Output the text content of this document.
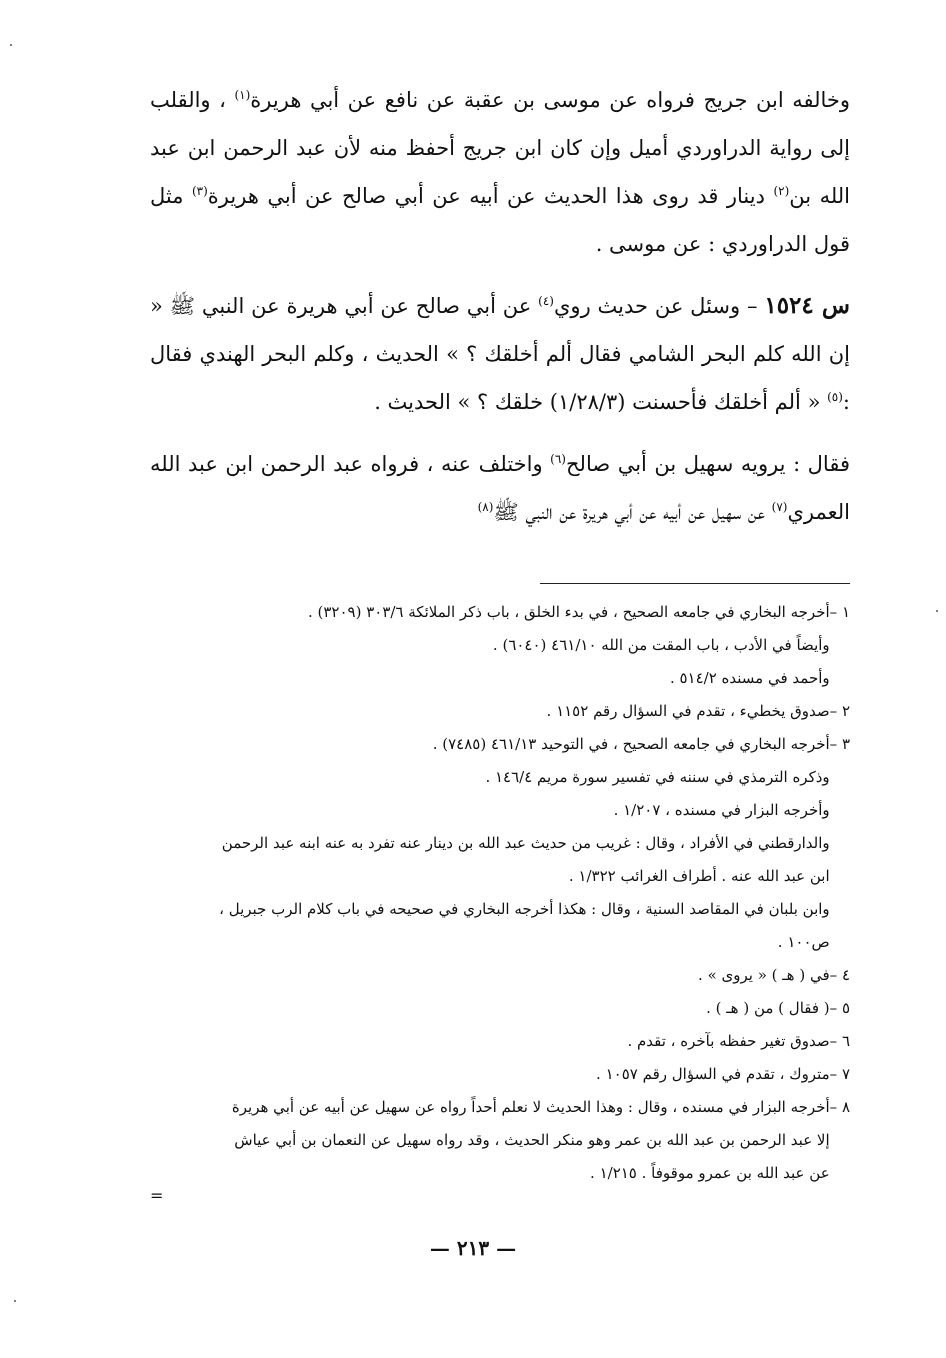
وخالفه ابن جريج فرواه عن موسى بن عقبة عن نافع عن أبي هريرة$^{(١)}$ ، والقلب إلى رواية الدراوردي أميل وإن كان ابن جريج أحفظ منه لأن عبد الرحمن ابن عبد الله بن$^{(٢)}$ دينار قد روى هذا الحديث عن أبيه عن أبي صالح عن أبي هريرة$^{(٣)}$ مثل قول الدراوردي : عن موسى .

س ١٥٢٤ – وسئل عن حديث روي$^{(٤)}$ عن أبي صالح عن أبي هريرة عن النبي ﷺ « إن الله كلم البحر الشامي فقال ألم أخلقك ؟ » الحديث ، وكلم البحر الهندي فقال :$^{(٥)}$ « ألم أخلقك فأحسنت (١/٢٨/٣) خلقك ؟ » الحديث .

فقال : يرويه سهيل بن أبي صالح$^{(٦)}$ واختلف عنه ، فرواه عبد الرحمن ابن عبد الله العمري$^{(٧)}$ عن سهيل عن أبيه عن أبي هريرة عن النبي ﷺ$^{(٨)}$

١ –
أخرجه البخاري في جامعه الصحيح ، في بدء الخلق ، باب ذكر الملائكة ٣٠٣/٦ (٣٢٠٩) .
وأيضاً في الأدب ، باب المقت من الله ٤٦١/١٠ (٦٠٤٠) .
وأحمد في مسنده ٥١٤/٢ .
٢ –
صدوق يخطيء ، تقدم في السؤال رقم ١١٥٢ .
٣ –
أخرجه البخاري في جامعه الصحيح ، في التوحيد ٤٦١/١٣ (٧٤٨٥) .
وذكره الترمذي في سننه في تفسير سورة مريم ١٤٦/٤ .
وأخرجه البزار في مسنده ، ١/٢٠٧ .
والدارقطني في الأفراد ، وقال : غريب من حديث عبد الله بن دينار عنه تفرد به عنه ابنه عبد الرحمن
ابن عبد الله عنه . أطراف الغرائب ١/٣٢٢ .
وابن بلبان في المقاصد السنية ، وقال : هكذا أخرجه البخاري في صحيحه في باب كلام الرب جبريل ،
ص١٠٠ .
٤ –
في ( هـ ) « يروى » .
٥ –
( فقال ) من ( هـ ) .
٦ –
صدوق تغير حفظه بآخره ، تقدم .
٧ –
متروك ، تقدم في السؤال رقم ١٠٥٧ .
٨ –
أخرجه البزار في مسنده ، وقال : وهذا الحديث لا نعلم أحداً رواه عن سهيل عن أبيه عن أبي هريرة
إلا عبد الرحمن بن عبد الله بن عمر وهو منكر الحديث ، وقد رواه سهيل عن النعمان بن أبي عياش
عن عبد الله بن عمرو موقوفاً . ١/٢١٥ .
=
— ٢١٣ —
